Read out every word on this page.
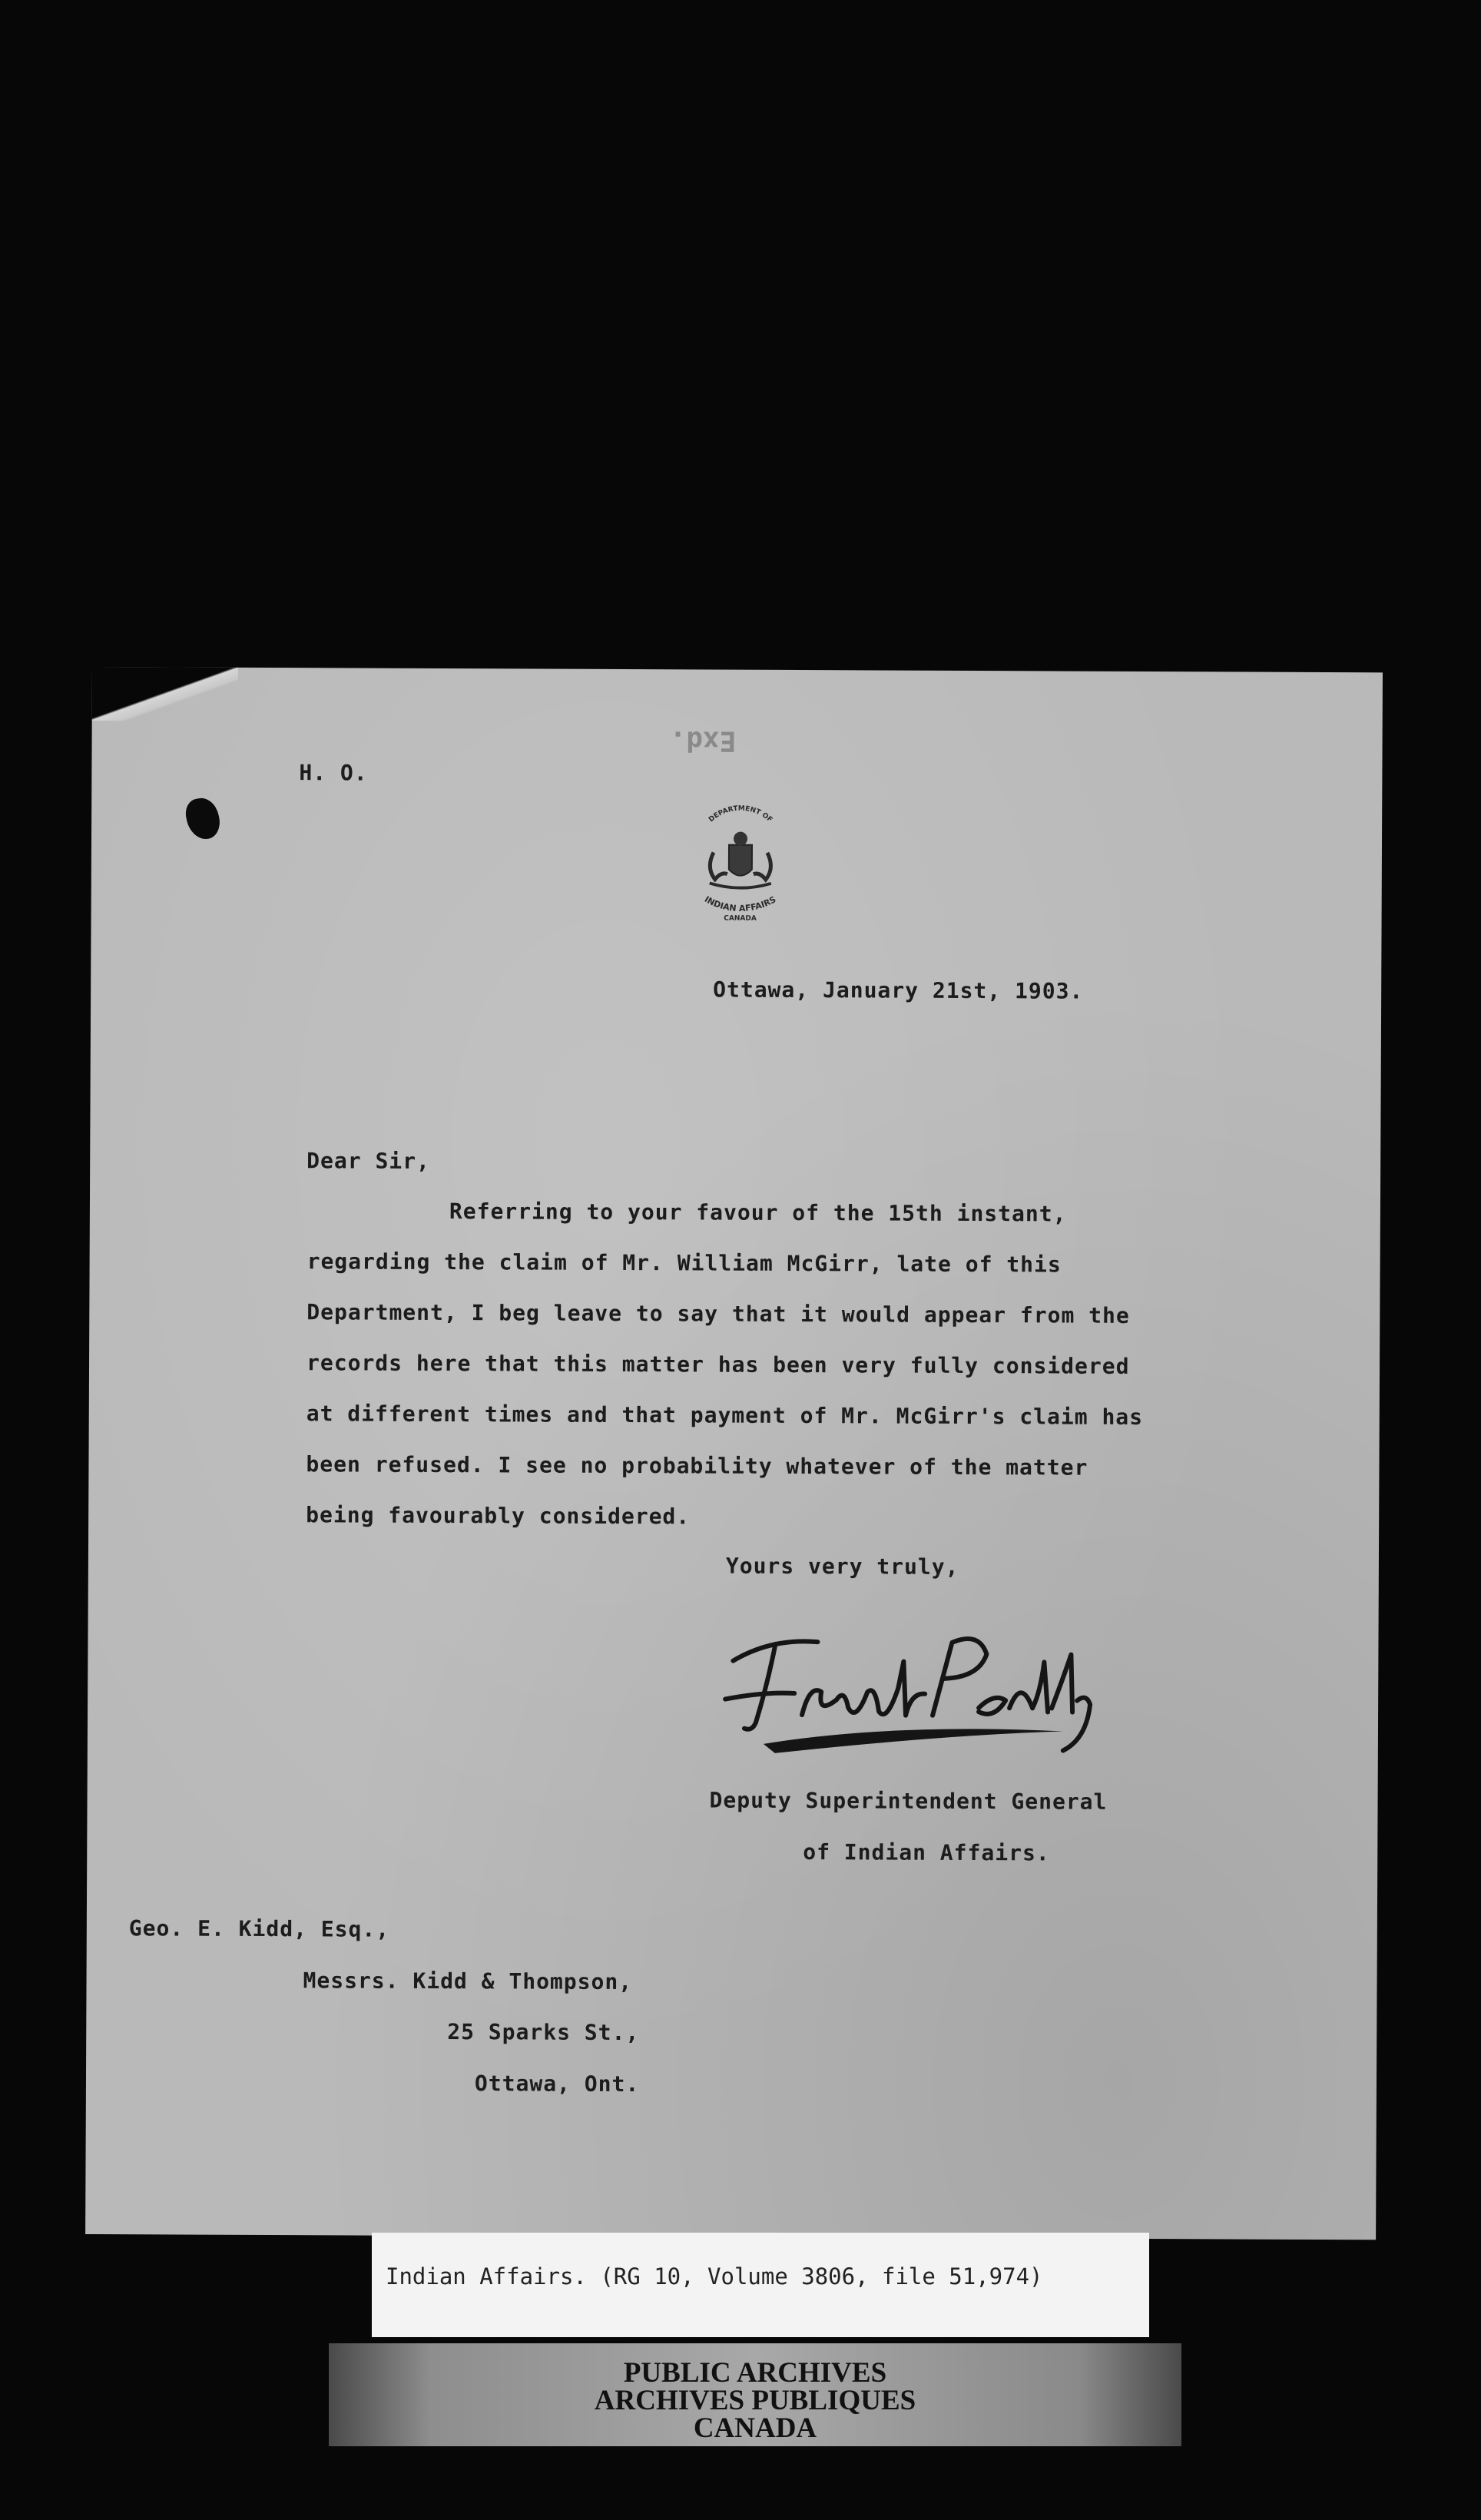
Exd.
H. O.
DEPARTMENT OF
INDIAN AFFAIRS
CANADA
Ottawa, January 21st, 1903.
Dear Sir,
Referring to your favour of the 15th instant,
regarding the claim of Mr. William McGirr, late of this
Department, I beg leave to say that it would appear from the
records here that this matter has been very fully considered
at different times and that payment of Mr. McGirr's claim has
been refused. I see no probability whatever of the matter
being favourably considered.
Yours very truly,
Deputy Superintendent General
of Indian Affairs.
Geo. E. Kidd, Esq.,
Messrs. Kidd & Thompson,
25 Sparks St.,
Ottawa, Ont.
Indian Affairs. (RG 10, Volume 3806, file 51,974)
PUBLIC ARCHIVES
ARCHIVES PUBLIQUES
CANADA
